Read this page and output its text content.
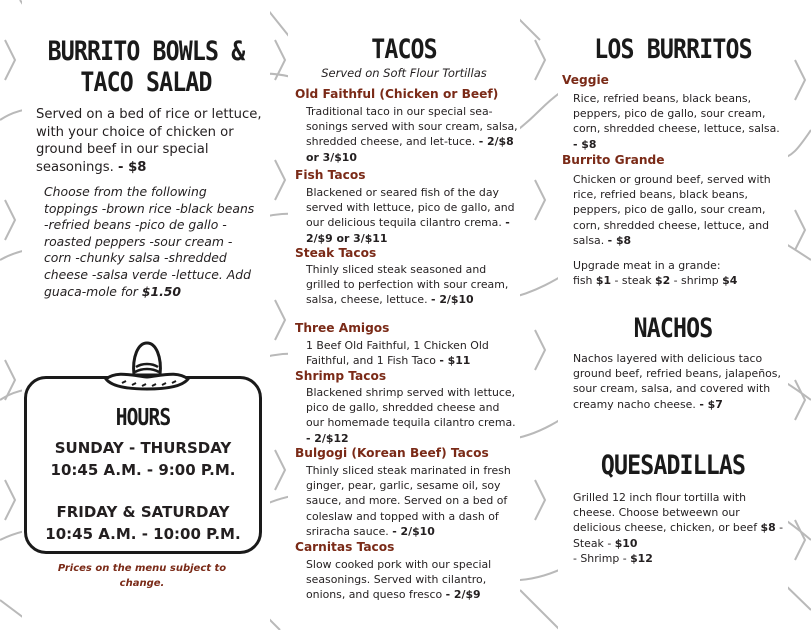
BURRITO BOWLS &
TACO SALAD
Served on a bed of rice or lettuce, with your choice of chicken or ground beef in our special seasonings. - $8
Choose from the following toppings -brown rice -black beans -refried beans -pico de gallo -roasted peppers -sour cream -corn -chunky salsa -shredded cheese -salsa verde -lettuce. Add guaca-mole for $1.50
HOURS
SUNDAY - THURSDAY
10:45 A.M. - 9:00 P.M.
FRIDAY & SATURDAY
10:45 A.M. - 10:00 P.M.
Prices on the menu subject to change.
TACOS
Served on Soft Flour Tortillas
Old Faithful (Chicken or Beef)
Traditional taco in our special sea-sonings served with sour cream, salsa, shredded cheese, and let-tuce. - 2/$8 or 3/$10
Fish Tacos
Blackened or seared fish of the day served with lettuce, pico de gallo, and our delicious tequila cilantro crema. - 2/$9 or 3/$11
Steak Tacos
Thinly sliced steak seasoned and grilled to perfection with sour cream, salsa, cheese, lettuce. - 2/$10
Three Amigos
1 Beef Old Faithful, 1 Chicken Old Faithful, and 1 Fish Taco - $11
Shrimp Tacos
Blackened shrimp served with lettuce, pico de gallo, shredded cheese and our homemade tequila cilantro crema. - 2/$12
Bulgogi (Korean Beef) Tacos
Thinly sliced steak marinated in fresh ginger, pear, garlic, sesame oil, soy sauce, and more. Served on a bed of coleslaw and topped with a dash of sriracha sauce. - 2/$10
Carnitas Tacos
Slow cooked pork with our special seasonings. Served with cilantro, onions, and queso fresco - 2/$9
LOS BURRITOS
Veggie
Rice, refried beans, black beans, peppers, pico de gallo, sour cream, corn, shredded cheese, lettuce, salsa. - $8
Burrito Grande
Chicken or ground beef, served with rice, refried beans, black beans, peppers, pico de gallo, sour cream, corn, shredded cheese, lettuce, and salsa. - $8
Upgrade meat in a grande:
fish $1 - steak $2 - shrimp $4
NACHOS
Nachos layered with delicious taco ground beef, refried beans, jalapeños, sour cream, salsa, and covered with creamy nacho cheese. - $7
QUESADILLAS
Grilled 12 inch flour tortilla with cheese. Choose betweewn our delicious cheese, chicken, or beef $8 - Steak - $10
- Shrimp - $12
